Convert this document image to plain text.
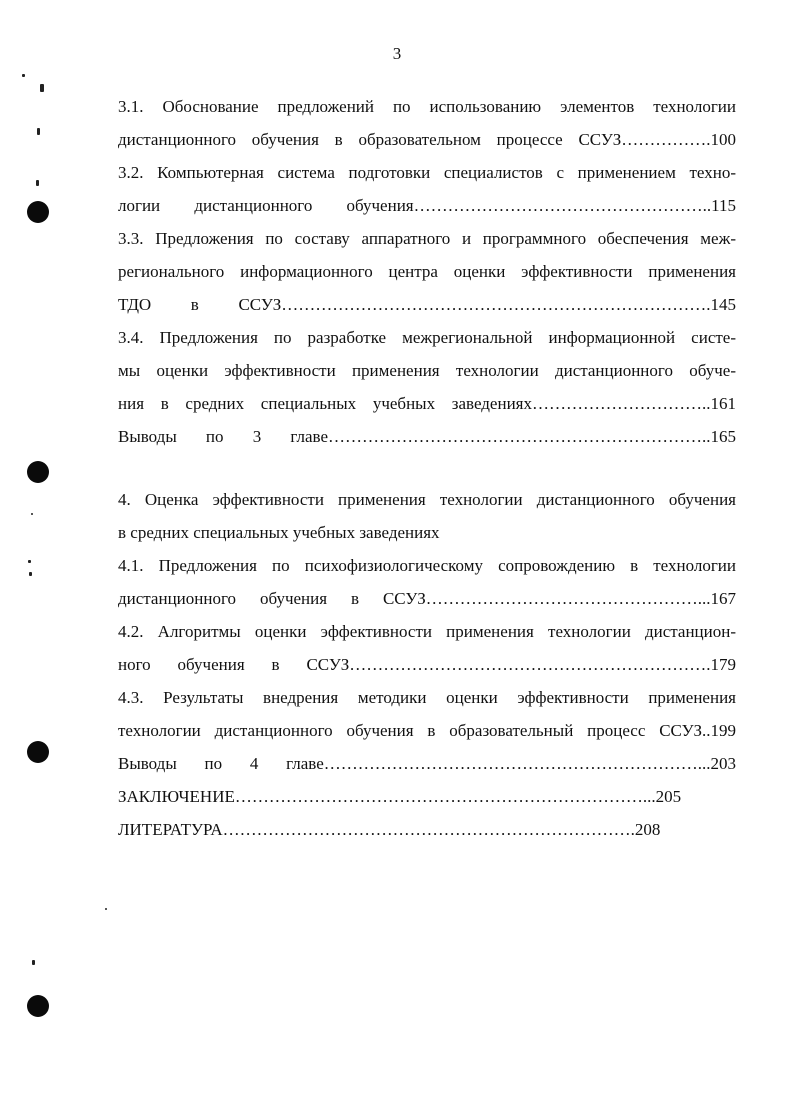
3
3.1. Обоснование предложений по использованию элементов технологии
дистанционного обучения в образовательном процессе ССУЗ…………….100
3.2. Компьютерная система подготовки специалистов с применением техно-
логии дистанционного обучения……………………………………………..115
3.3. Предложения по составу аппаратного и программного обеспечения меж-
регионального информационного центра оценки эффективности применения
ТДО в ССУЗ………………………………………………………………….145
3.4. Предложения по разработке межрегиональной информационной систе-
мы оценки эффективности применения технологии дистанционного обуче-
ния в средних специальных учебных заведениях…………………………..161
Выводы по 3 главе…………………………………………………………..165
4. Оценка эффективности применения технологии дистанционного обучения
в средних специальных учебных заведениях
4.1. Предложения по психофизиологическому сопровождению в технологии
дистанционного обучения в ССУЗ…………………………………………...167
4.2. Алгоритмы оценки эффективности применения технологии дистанцион-
ного обучения в ССУЗ……………………………………………………….179
4.3. Результаты внедрения методики оценки эффективности применения
технологии дистанционного обучения в образовательный процесс ССУЗ..199
Выводы по 4 главе…………………………………………………………...203
ЗАКЛЮЧЕНИЕ………………………………………………………………...205
ЛИТЕРАТУРА……………………………………………………………….208
